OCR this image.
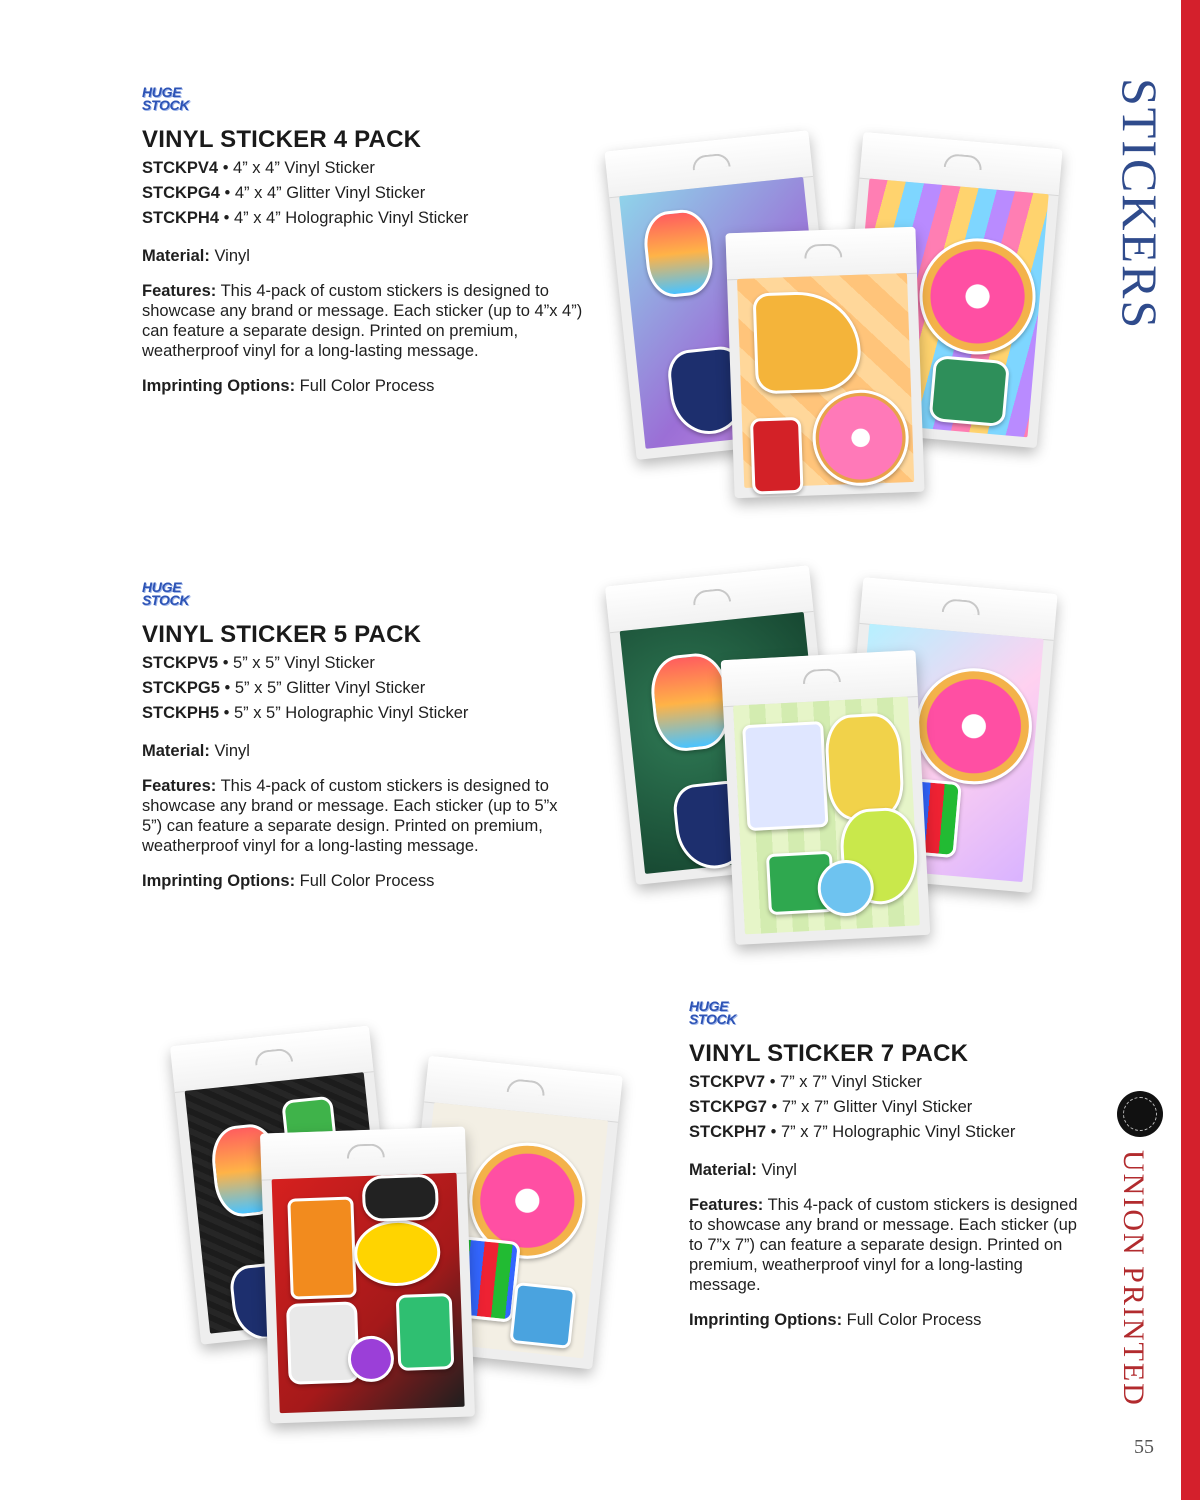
STICKERS
UNION PRINTED
55
HUGE
STOCK
VINYL STICKER 4 PACK
STCKPV4 • 4” x 4” Vinyl Sticker
STCKPG4 • 4” x 4” Glitter Vinyl Sticker
STCKPH4 • 4” x 4” Holographic Vinyl Sticker
Material: Vinyl
Features: This 4-pack of custom stickers is designed to showcase any brand or message. Each sticker (up to 4”x 4”) can feature a separate design. Printed on premium, weatherproof vinyl for a long-lasting message.
Imprinting Options: Full Color Process
HUGE
STOCK
VINYL STICKER 5 PACK
STCKPV5 • 5” x 5” Vinyl Sticker
STCKPG5 • 5” x 5” Glitter Vinyl Sticker
STCKPH5 • 5” x 5” Holographic Vinyl Sticker
Material: Vinyl
Features: This 4-pack of custom stickers is designed to showcase any brand or message. Each sticker (up to 5”x 5”) can feature a separate design. Printed on premium, weatherproof vinyl for a long-lasting message.
Imprinting Options: Full Color Process
HUGE
STOCK
VINYL STICKER 7 PACK
STCKPV7 • 7” x 7” Vinyl Sticker
STCKPG7 • 7” x 7” Glitter Vinyl Sticker
STCKPH7 • 7” x 7” Holographic Vinyl Sticker
Material: Vinyl
Features: This 4-pack of custom stickers is designed to showcase any brand or message. Each sticker (up to 7”x 7”) can feature a separate design. Printed on premium, weatherproof vinyl for a long-lasting message.
Imprinting Options: Full Color Process
